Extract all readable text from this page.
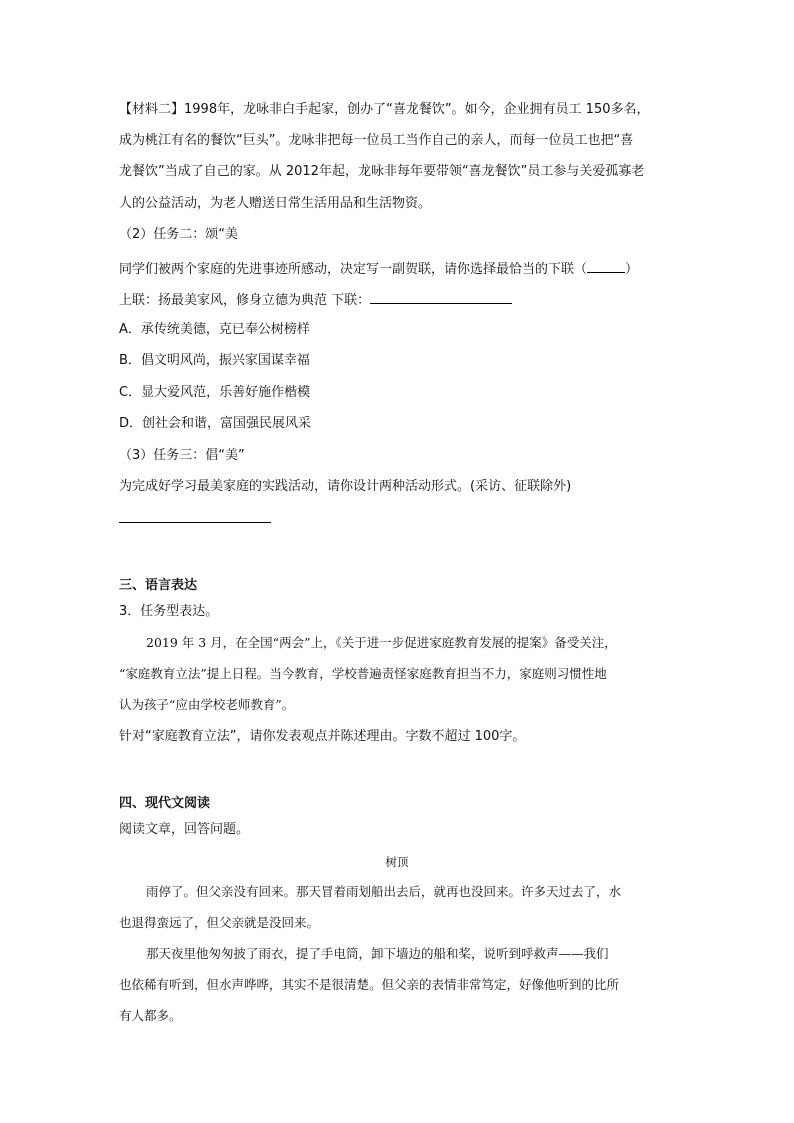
【材料二】1998年，龙咏非白手起家，创办了“喜龙餐饮”。如今，企业拥有员工 150多名，
成为桃江有名的餐饮“巨头”。龙咏非把每一位员工当作自己的亲人，而每一位员工也把“喜
龙餐饮”当成了自己的家。从 2012年起，龙咏非每年要带领“喜龙餐饮”员工参与关爱孤寡老
人的公益活动，为老人赠送日常生活用品和生活物资。
（2）任务二：颂“美
同学们被两个家庭的先进事迹所感动，决定写一副贺联，请你选择最恰当的下联（	）
上联：扬最美家风，修身立德为典范 下联：
A．承传统美德，克已奉公树榜样
B．倡文明风尚，振兴家国谋幸福
C．显大爱风范，乐善好施作楷模
D．创社会和谐，富国强民展风采
（3）任务三：倡“美”
为完成好学习最美家庭的实践活动，请你设计两种活动形式。(采访、征联除外)
三、语言表达
3．任务型表达。
2019 年 3 月，在全国“两会”上，《关于进一步促进家庭教育发展的提案》备受关注，
“家庭教育立法”提上日程。当今教育，学校普遍责怪家庭教育担当不力，家庭则习惯性地
认为孩子“应由学校老师教育”。
针对“家庭教育立法”，请你发表观点并陈述理由。字数不超过 100字。
四、现代文阅读
阅读文章，回答问题。
树顶
雨停了。但父亲没有回来。那天冒着雨划船出去后，就再也没回来。许多天过去了，水
也退得蛮远了，但父亲就是没回来。
那天夜里他匆匆披了雨衣，提了手电筒，卸下墙边的船和桨，说听到呼救声——我们
也依稀有听到，但水声哗哗，其实不是很清楚。但父亲的表情非常笃定，好像他听到的比所
有人都多。
